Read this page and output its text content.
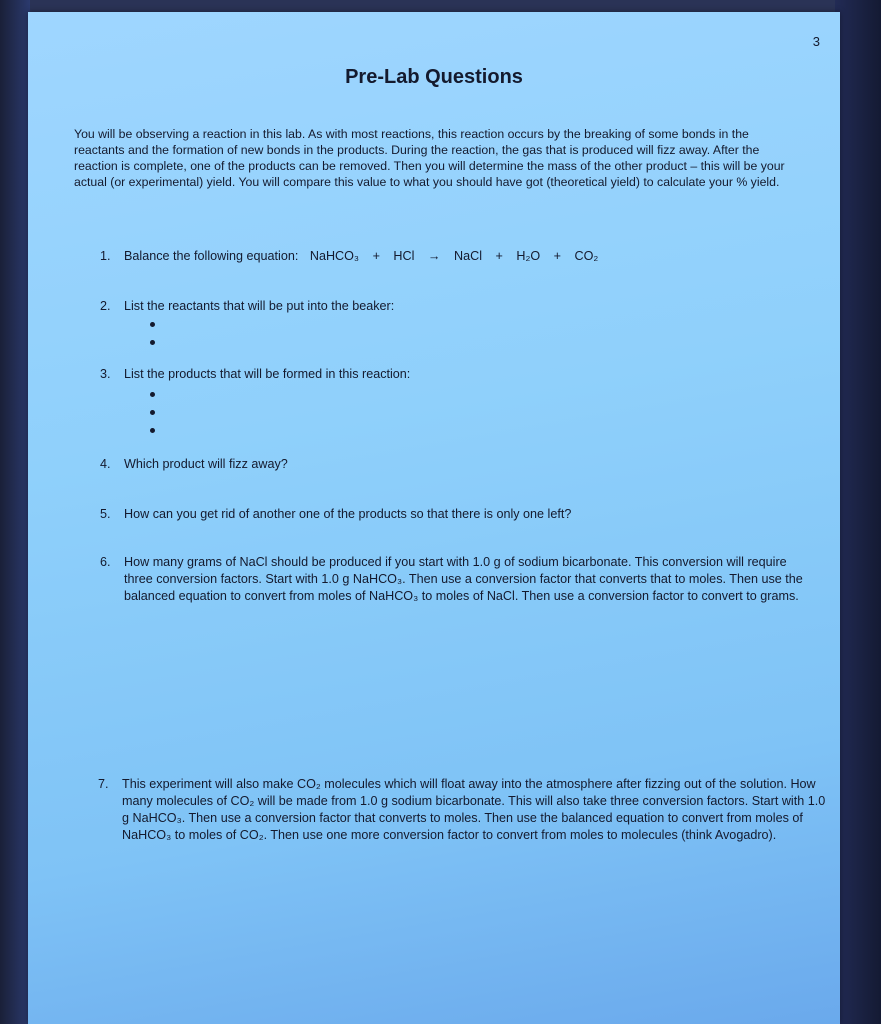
3
Pre-Lab Questions
You will be observing a reaction in this lab. As with most reactions, this reaction occurs by the breaking of some bonds in the reactants and the formation of new bonds in the products. During the reaction, the gas that is produced will fizz away. After the reaction is complete, one of the products can be removed. Then you will determine the mass of the other product – this will be your actual (or experimental) yield. You will compare this value to what you should have got (theoretical yield) to calculate your % yield.
1. Balance the following equation: NaHCO₃ + HCl → NaCl + H₂O + CO₂
2. List the reactants that will be put into the beaker:
3. List the products that will be formed in this reaction:
4. Which product will fizz away?
5. How can you get rid of another one of the products so that there is only one left?
6. How many grams of NaCl should be produced if you start with 1.0 g of sodium bicarbonate. This conversion will require three conversion factors. Start with 1.0 g NaHCO₃. Then use a conversion factor that converts that to moles. Then use the balanced equation to convert from moles of NaHCO₃ to moles of NaCl. Then use a conversion factor to convert to grams.
7. This experiment will also make CO₂ molecules which will float away into the atmosphere after fizzing out of the solution. How many molecules of CO₂ will be made from 1.0 g sodium bicarbonate. This will also take three conversion factors. Start with 1.0 g NaHCO₃. Then use a conversion factor that converts to moles. Then use the balanced equation to convert from moles of NaHCO₃ to moles of CO₂. Then use one more conversion factor to convert from moles to molecules (think Avogadro).
